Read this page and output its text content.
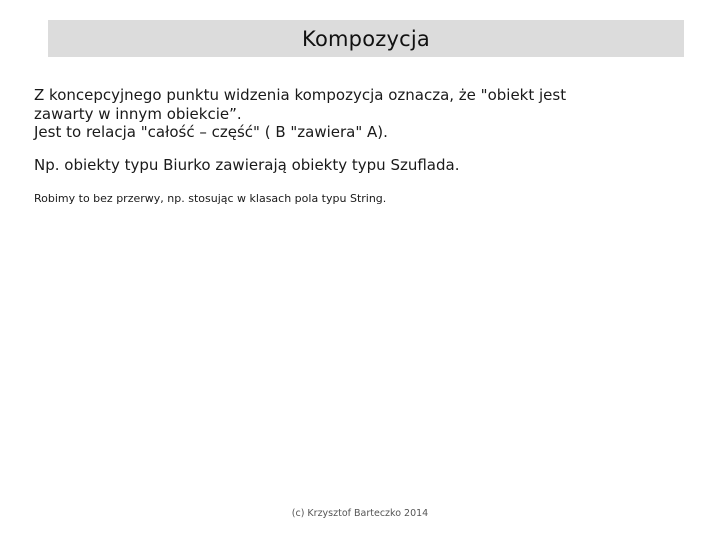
Kompozycja
Z koncepcyjnego punktu widzenia kompozycja oznacza, że "obiekt jest
zawarty w innym obiekcie”.
Jest to relacja "całość – część" ( B "zawiera" A).
Np. obiekty typu Biurko zawierają obiekty typu Szuflada.
Robimy to bez przerwy, np. stosując w klasach pola typu String.
(c) Krzysztof Barteczko 2014
